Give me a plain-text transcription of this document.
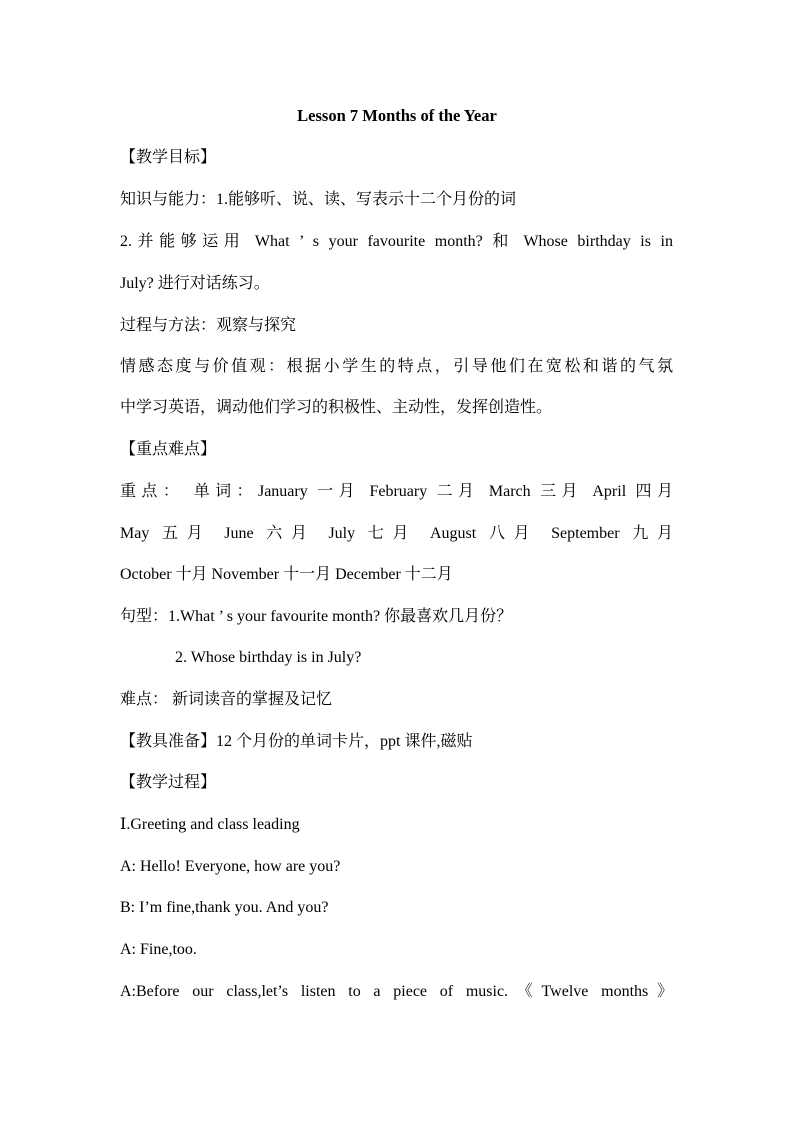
Lesson 7 Months of the Year
【教学目标】
知识与能力：1.能够听、说、读、写表示十二个月份的词
2.并能够运用 What ’ s your favourite month? 和 Whose birthday is in
July? 进行对话练习。
过程与方法：观察与探究
情感态度与价值观：根据小学生的特点，引导他们在宽松和谐的气氛
中学习英语，调动他们学习的积极性、主动性，发挥创造性。
【重点难点】
重点： 单词：January 一月 February 二月 March 三月 April 四月
May 五月 June 六月 July 七月 August 八月 September 九月
October 十月 November 十一月 December 十二月
句型：1.What ’ s your favourite month? 你最喜欢几月份？
2. Whose birthday is in July?
难点： 新词读音的掌握及记忆
【教具准备】12 个月份的单词卡片，ppt 课件,磁贴
【教学过程】
Ⅰ.Greeting and class leading
A: Hello! Everyone, how are you?
B: I’m fine,thank you. And you?
A: Fine,too.
A:Before our class,let’s listen to a piece of music.《Twelve months》
